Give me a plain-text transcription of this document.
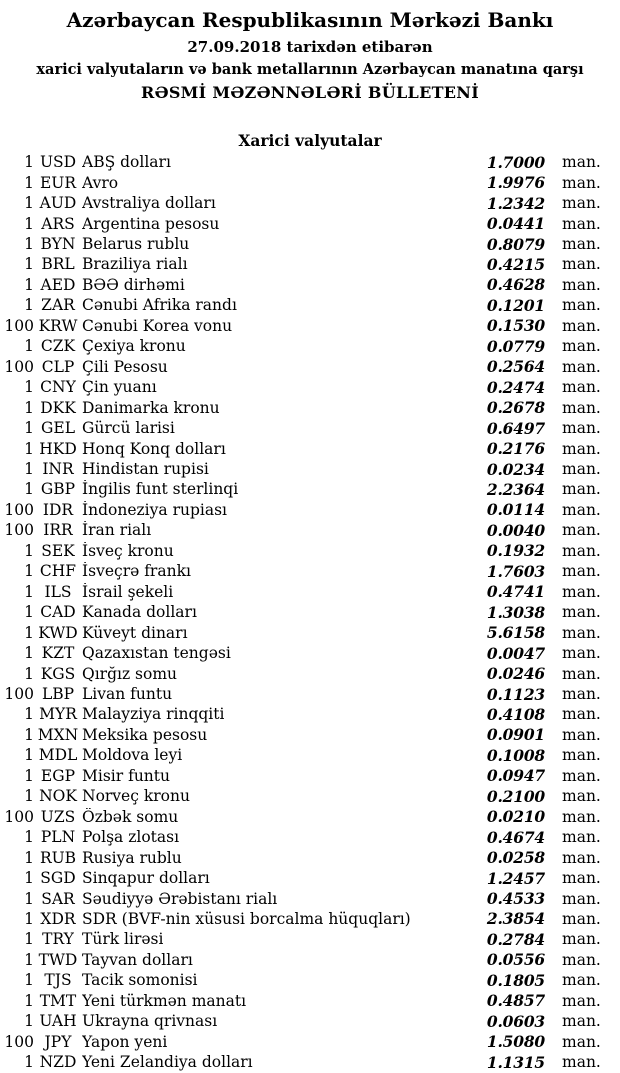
Azərbaycan Respublikasının Mərkəzi Bankı
27.09.2018 tarixdən etibarən
xarici valyutaların və bank metallarının Azərbaycan manatına qarşı
RƏSMİ MƏZƏNNƏLƏRİ BÜLLETENİ
Xarici valyutalar
1 USD ABŞ dolları	1.7000 man.
1 EUR Avro	1.9976 man.
1 AUD Avstraliya dolları	1.2342 man.
1 ARS Argentina pesosu	0.0441 man.
1 BYN Belarus rublu	0.8079 man.
1 BRL Braziliya rialı	0.4215 man.
1 AED BƏƏ dirhəmi	0.4628 man.
1 ZAR Cənubi Afrika randı	0.1201 man.
100 KRW Cənubi Korea vonu	0.1530 man.
1 CZK Çexiya kronu	0.0779 man.
100 CLP Çili Pesosu	0.2564 man.
1 CNY Çin yuanı	0.2474 man.
1 DKK Danimarka kronu	0.2678 man.
1 GEL Gürcü larisi	0.6497 man.
1 HKD Honq Konq dolları	0.2176 man.
1 INR Hindistan rupisi	0.0234 man.
1 GBP İngilis funt sterlinqi	2.2364 man.
100 IDR İndoneziya rupiası	0.0114 man.
100 IRR İran rialı	0.0040 man.
1 SEK İsveç kronu	0.1932 man.
1 CHF İsveçrə frankı	1.7603 man.
1 ILS İsrail şekeli	0.4741 man.
1 CAD Kanada dolları	1.3038 man.
1 KWD Küveyt dinarı	5.6158 man.
1 KZT Qazaxıstan tengəsi	0.0047 man.
1 KGS Qırğız somu	0.0246 man.
100 LBP Livan funtu	0.1123 man.
1 MYR Malayziya rinqqiti	0.4108 man.
1 MXN Meksika pesosu	0.0901 man.
1 MDL Moldova leyi	0.1008 man.
1 EGP Misir funtu	0.0947 man.
1 NOK Norveç kronu	0.2100 man.
100 UZS Özbək somu	0.0210 man.
1 PLN Polşa zlotası	0.4674 man.
1 RUB Rusiya rublu	0.0258 man.
1 SGD Sinqapur dolları	1.2457 man.
1 SAR Səudiyyə Ərəbistanı rialı	0.4533 man.
1 XDR SDR (BVF-nin xüsusi borcalma hüquqları)	2.3854 man.
1 TRY Türk lirəsi	0.2784 man.
1 TWD Tayvan dolları	0.0556 man.
1 TJS Tacik somonisi	0.1805 man.
1 TMT Yeni türkmən manatı	0.4857 man.
1 UAH Ukrayna qrivnası	0.0603 man.
100 JPY Yapon yeni	1.5080 man.
1 NZD Yeni Zelandiya dolları	1.1315 man.
